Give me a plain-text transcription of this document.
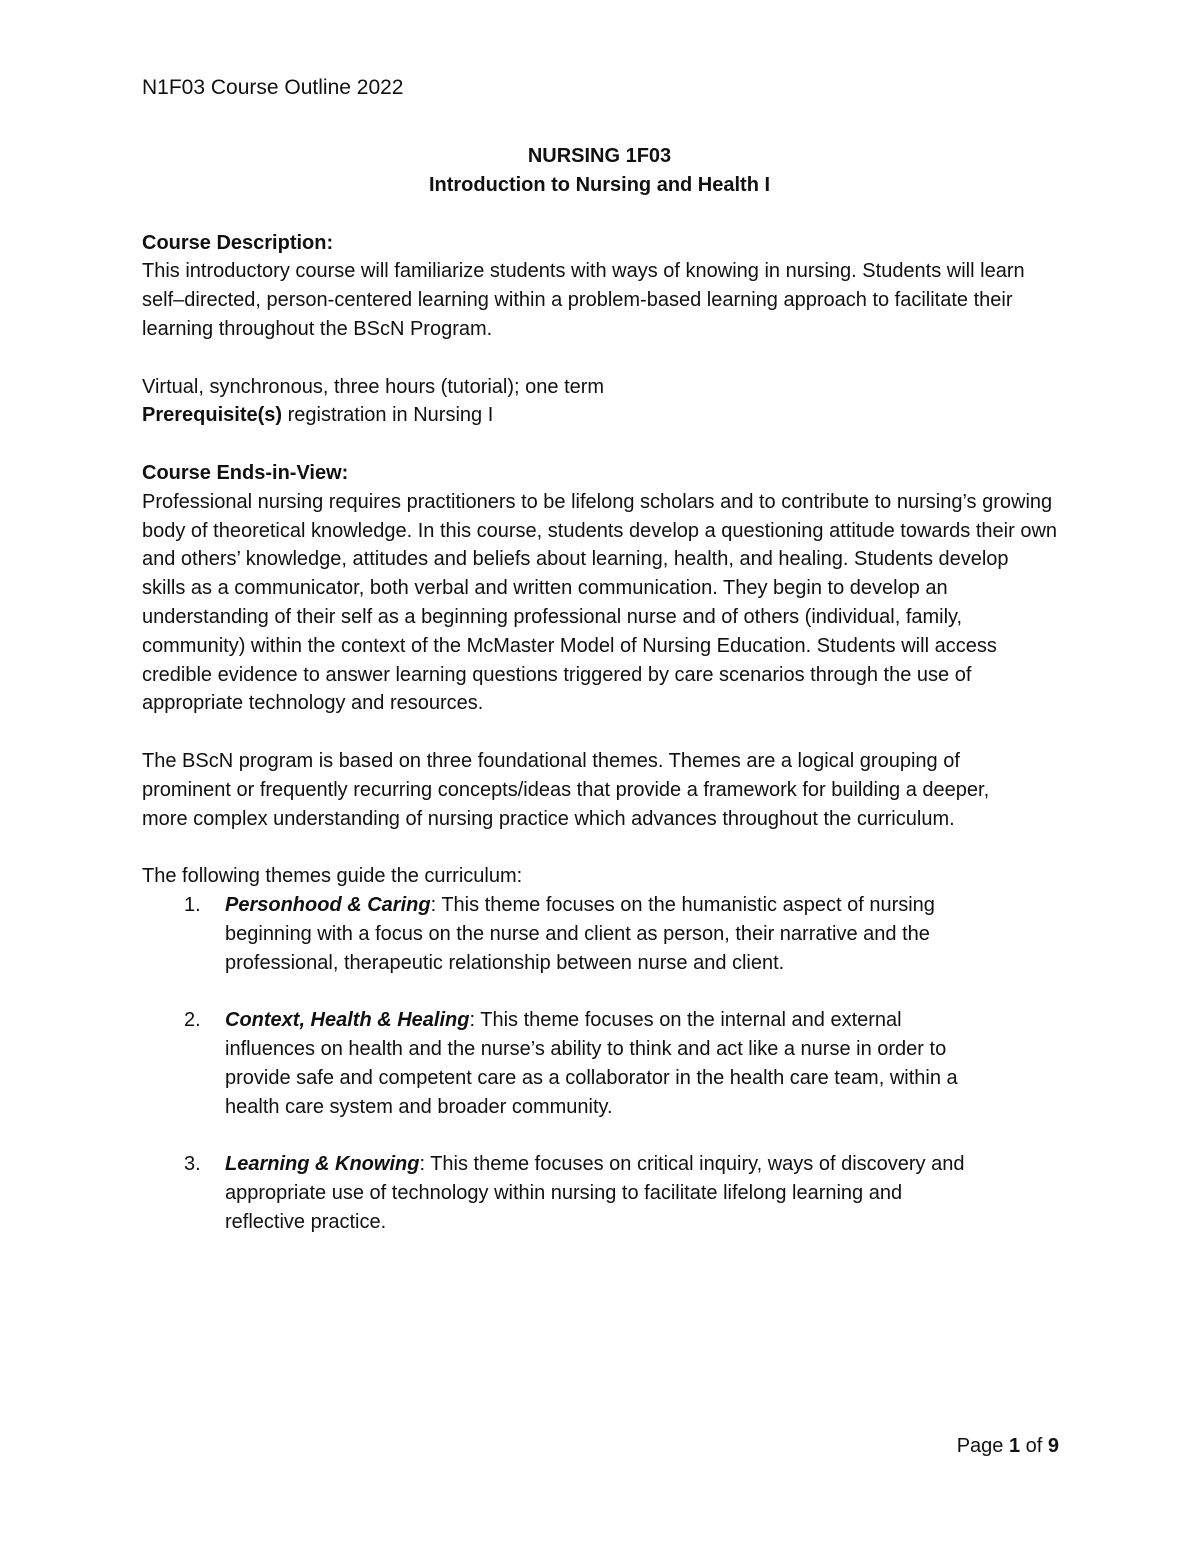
N1F03 Course Outline 2022
NURSING 1F03
Introduction to Nursing and Health I

Course Description:
This introductory course will familiarize students with ways of knowing in nursing. Students will learn self–directed, person-centered learning within a problem-based learning approach to facilitate their learning throughout the BScN Program.

Virtual, synchronous, three hours (tutorial); one term
Prerequisite(s) registration in Nursing I

Course Ends-in-View:
Professional nursing requires practitioners to be lifelong scholars and to contribute to nursing’s growing body of theoretical knowledge. In this course, students develop a questioning attitude towards their own and others’ knowledge, attitudes and beliefs about learning, health, and healing. Students develop skills as a communicator, both verbal and written communication. They begin to develop an understanding of their self as a beginning professional nurse and of others (individual, family, community) within the context of the McMaster Model of Nursing Education. Students will access credible evidence to answer learning questions triggered by care scenarios through the use of appropriate technology and resources.

The BScN program is based on three foundational themes. Themes are a logical grouping of prominent or frequently recurring concepts/ideas that provide a framework for building a deeper, more complex understanding of nursing practice which advances throughout the curriculum.

The following themes guide the curriculum:
1. Personhood & Caring: This theme focuses on the humanistic aspect of nursing beginning with a focus on the nurse and client as person, their narrative and the professional, therapeutic relationship between nurse and client.
2. Context, Health & Healing: This theme focuses on the internal and external influences on health and the nurse’s ability to think and act like a nurse in order to provide safe and competent care as a collaborator in the health care team, within a health care system and broader community.
3. Learning & Knowing: This theme focuses on critical inquiry, ways of discovery and appropriate use of technology within nursing to facilitate lifelong learning and reflective practice.
Page 1 of 9
